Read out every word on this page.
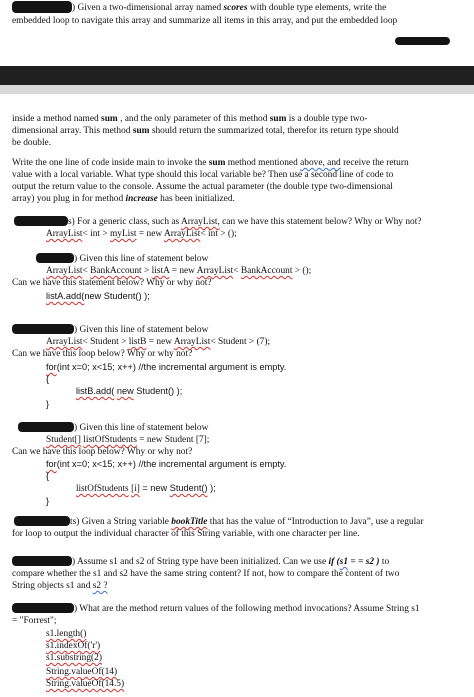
) Given a two-dimensional array named scores with double type elements, write the
embedded loop to navigate this array and summarize all items in this array, and put the embedded loop
inside a method named sum , and the only parameter of this method sum is a double type two-
dimensional array. This method sum should return the summarized total, therefor its return type should
be double.
Write the one line of code inside main to invoke the sum method mentioned above, and receive the return
value with a local variable. What type should this local variable be? Then use a second line of code to
output the return value to the console. Assume the actual parameter (the double type two-dimensional
array) you plug in for method increase has been initialized.
s) For a generic class, such as ArrayList, can we have this statement below? Why or Why not?
ArrayList< int > myList = new ArrayList< int > ();
) Given this line of statement below
ArrayList< BankAccount > listA = new ArrayList< BankAccount > ();
Can we have this statement below? Why or why not?
listA.add(new Student() );
) Given this line of statement below
ArrayList< Student > listB = new ArrayList< Student > (7);
Can we have this loop below? Why or why not?
for(int x=0; x<15; x++) //the incremental argument is empty.
{
listB.add( new Student() );
}
) Given this line of statement below
Student[] listOfStudents = new Student [7];
Can we have this loop below? Why or why not?
for(int x=0; x<15; x++) //the incremental argument is empty.
{
listOfStudents [i] = new Student() );
}
ts) Given a String variable bookTitle that has the value of “Introduction to Java”, use a regular
for loop to output the individual character of this String variable, with one character per line.
) Assume s1 and s2 of String type have been initialized. Can we use if (s1 = = s2 ) to
compare whether the s1 and s2 have the same string content? If not, how to compare the content of two
String objects s1 and s2 ?
) What are the method return values of the following method invocations? Assume String s1
= "Forrest";
s1.length()
s1.indexOf('r')
s1.substring(2)
String.valueOf(14)
String.valueOf(14.5)
